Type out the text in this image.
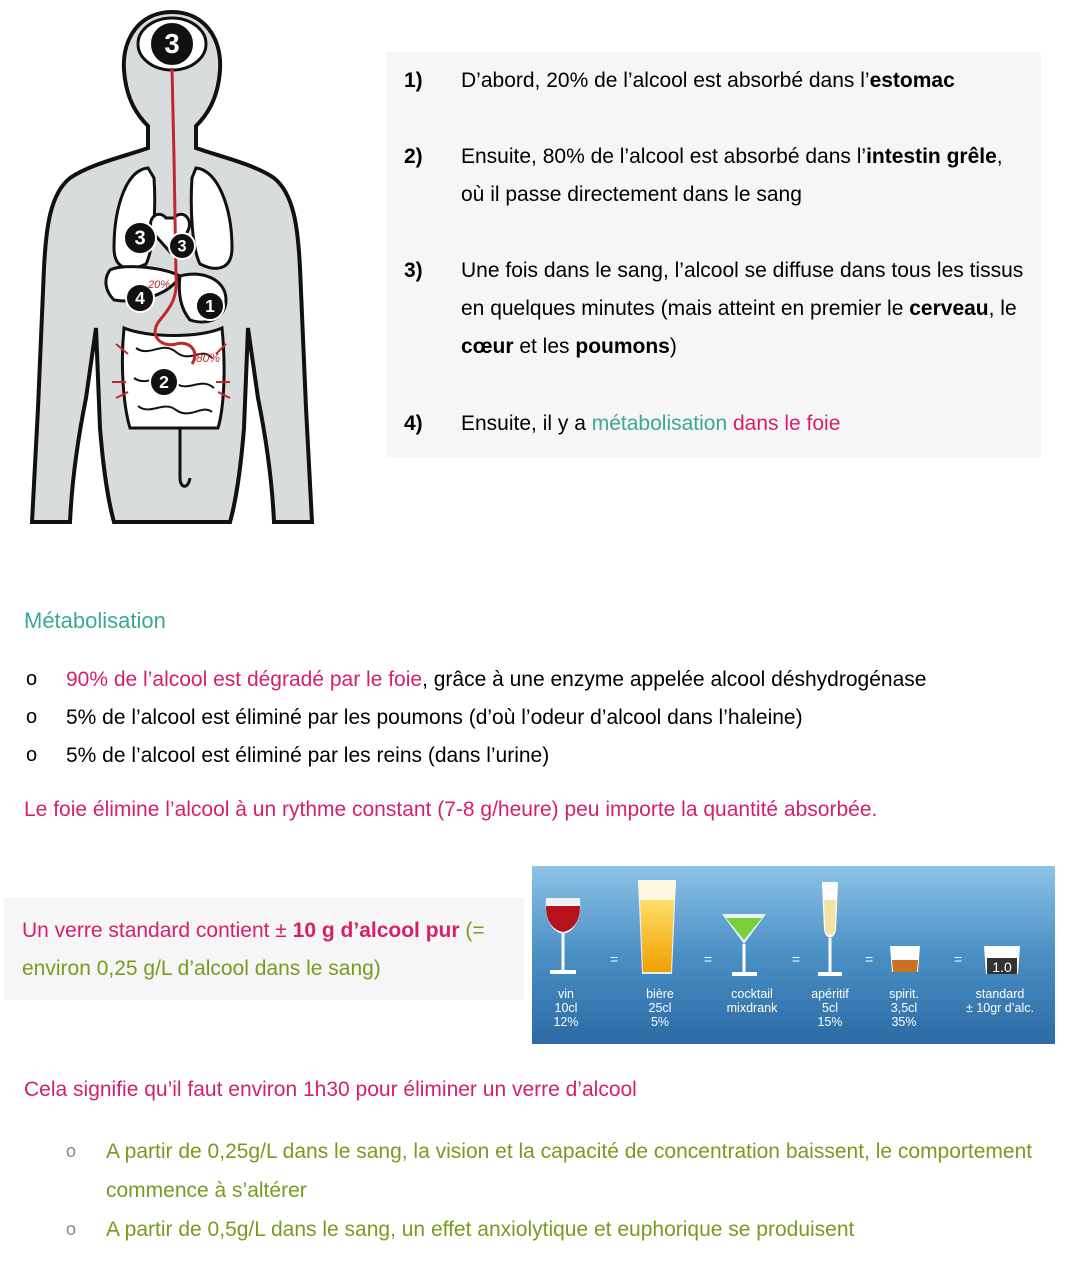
3
3 3
4	1
2
20%
80%
1) D’abord, 20% de l’alcool est absorbé dans l’estomac
2) Ensuite, 80% de l’alcool est absorbé dans l’intestin grêle, où il passe directement dans le sang
3) Une fois dans le sang, l’alcool se diffuse dans tous les tissus en quelques minutes (mais atteint en premier le cerveau, le cœur et les poumons)
4) Ensuite, il y a métabolisation dans le foie
Métabolisation
o 90% de l’alcool est dégradé par le foie, grâce à une enzyme appelée alcool déshydrogénase
o 5% de l’alcool est éliminé par les poumons (d’où l’odeur d’alcool dans l’haleine)
o 5% de l’alcool est éliminé par les reins (dans l’urine)
Le foie élimine l’alcool à un rythme constant (7-8 g/heure) peu importe la quantité absorbée.
Un verre standard contient ± 10 g d’alcool pur (= environ 0,25 g/L d’alcool dans le sang)	=	=	=	=	= 1.0
vin
10cl
12%
bière
25cl
5%
cocktail
mixdrank
apéritif
5cl
15%
spirit.
3,5cl
35%
standard
± 10gr d’alc.
Cela signifie qu’il faut environ 1h30 pour éliminer un verre d’alcool
o A partir de 0,25g/L dans le sang, la vision et la capacité de concentration baissent, le comportement commence à s’altérer
o A partir de 0,5g/L dans le sang, un effet anxiolytique et euphorique se produisent
